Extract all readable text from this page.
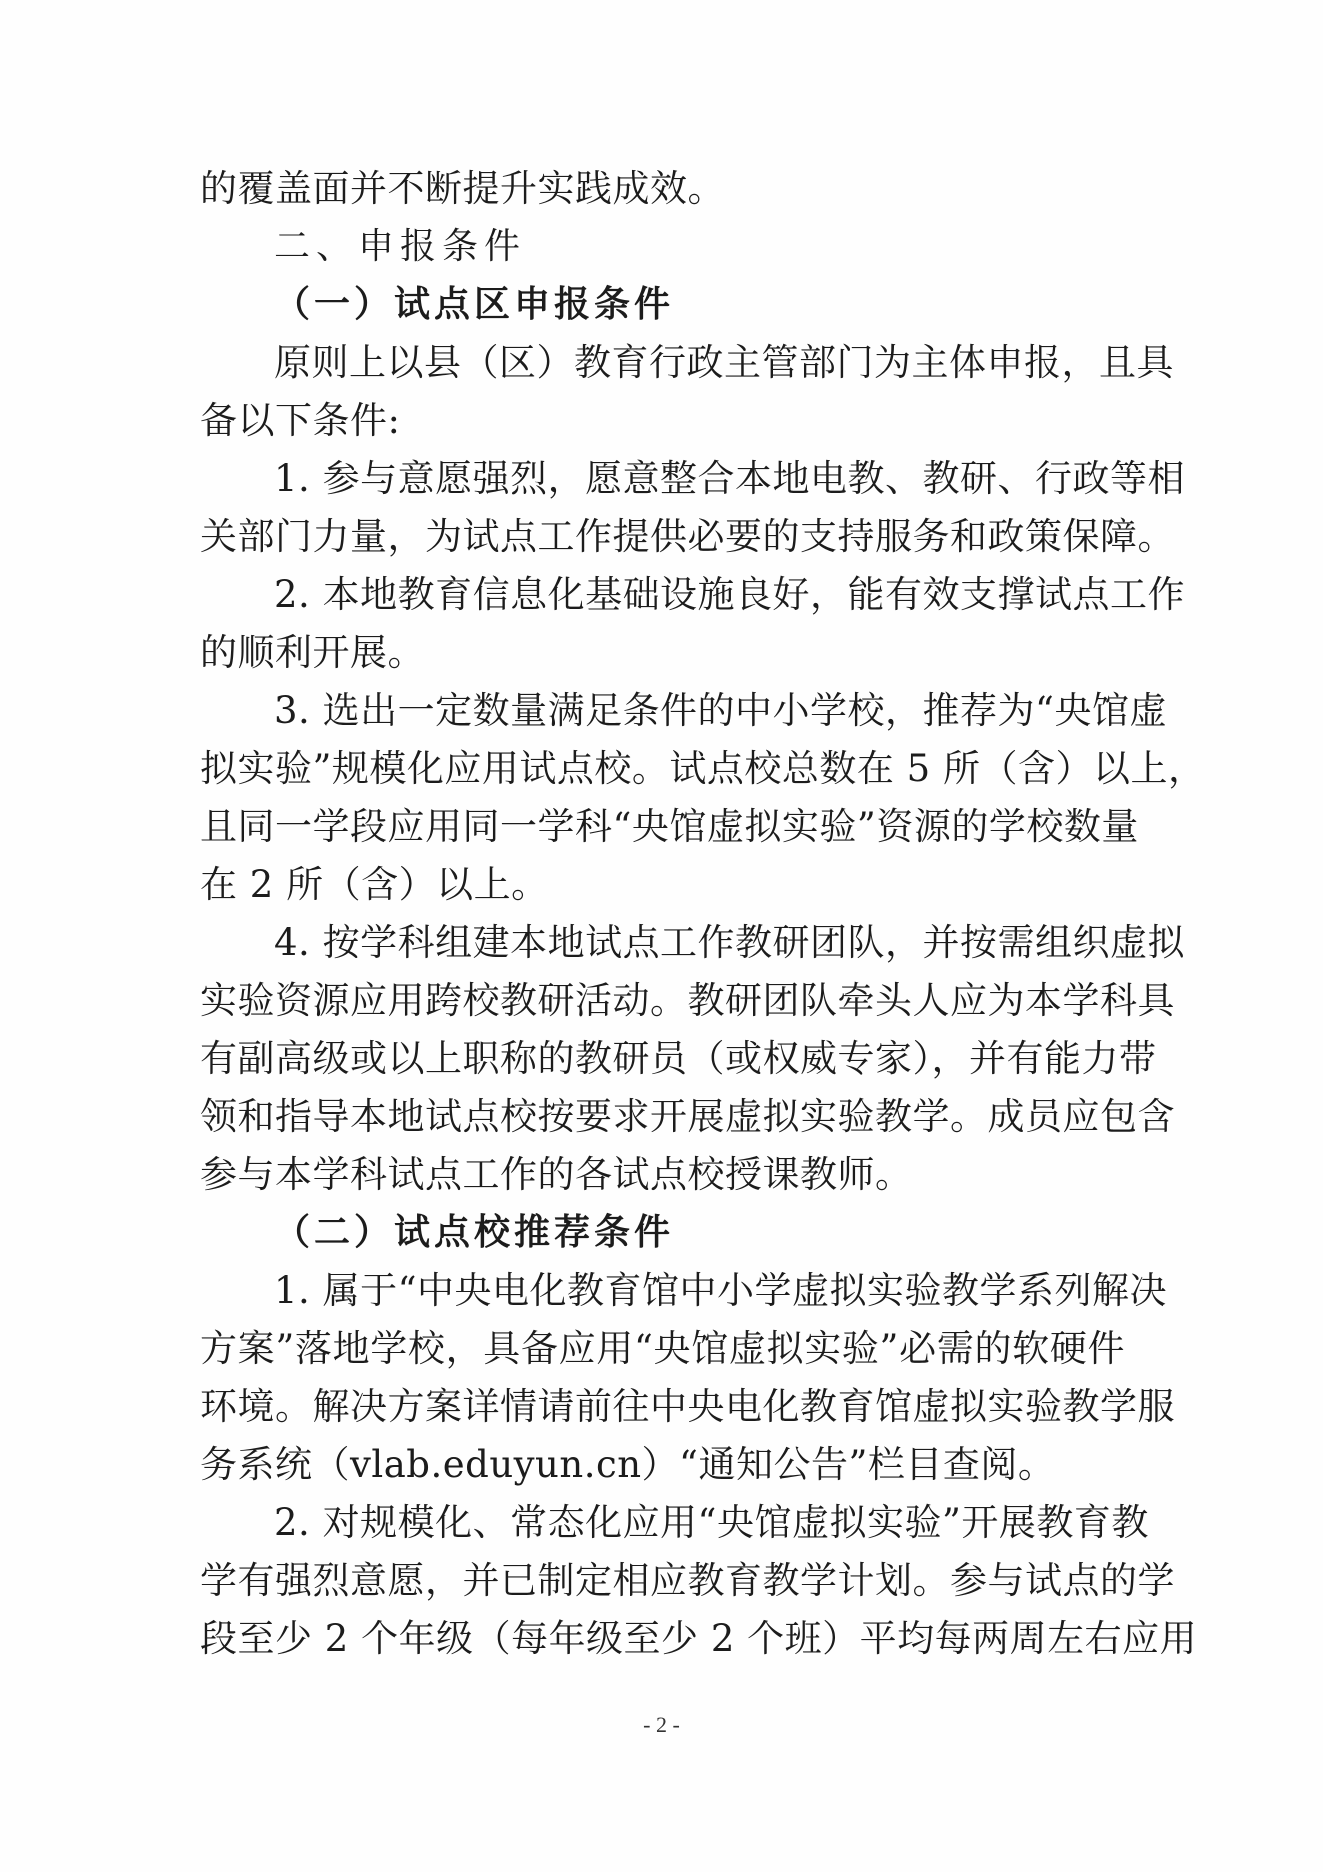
的覆盖面并不断提升实践成效。
二、申报条件
（一）试点区申报条件
原则上以县（区）教育行政主管部门为主体申报，且具
备以下条件:
1. 参与意愿强烈，愿意整合本地电教、教研、行政等相
关部门力量，为试点工作提供必要的支持服务和政策保障。
2. 本地教育信息化基础设施良好，能有效支撑试点工作
的顺利开展。
3. 选出一定数量满足条件的中小学校，推荐为“央馆虚
拟实验”规模化应用试点校。试点校总数在 5 所（含）以上，
且同一学段应用同一学科“央馆虚拟实验”资源的学校数量
在 2 所（含）以上。
4. 按学科组建本地试点工作教研团队，并按需组织虚拟
实验资源应用跨校教研活动。教研团队牵头人应为本学科具
有副高级或以上职称的教研员（或权威专家），并有能力带
领和指导本地试点校按要求开展虚拟实验教学。成员应包含
参与本学科试点工作的各试点校授课教师。
（二）试点校推荐条件
1. 属于“中央电化教育馆中小学虚拟实验教学系列解决
方案”落地学校，具备应用“央馆虚拟实验”必需的软硬件
环境。解决方案详情请前往中央电化教育馆虚拟实验教学服
务系统（vlab.eduyun.cn）“通知公告”栏目查阅。
2. 对规模化、常态化应用“央馆虚拟实验”开展教育教
学有强烈意愿，并已制定相应教育教学计划。参与试点的学
段至少 2 个年级（每年级至少 2 个班）平均每两周左右应用
- 2 -
